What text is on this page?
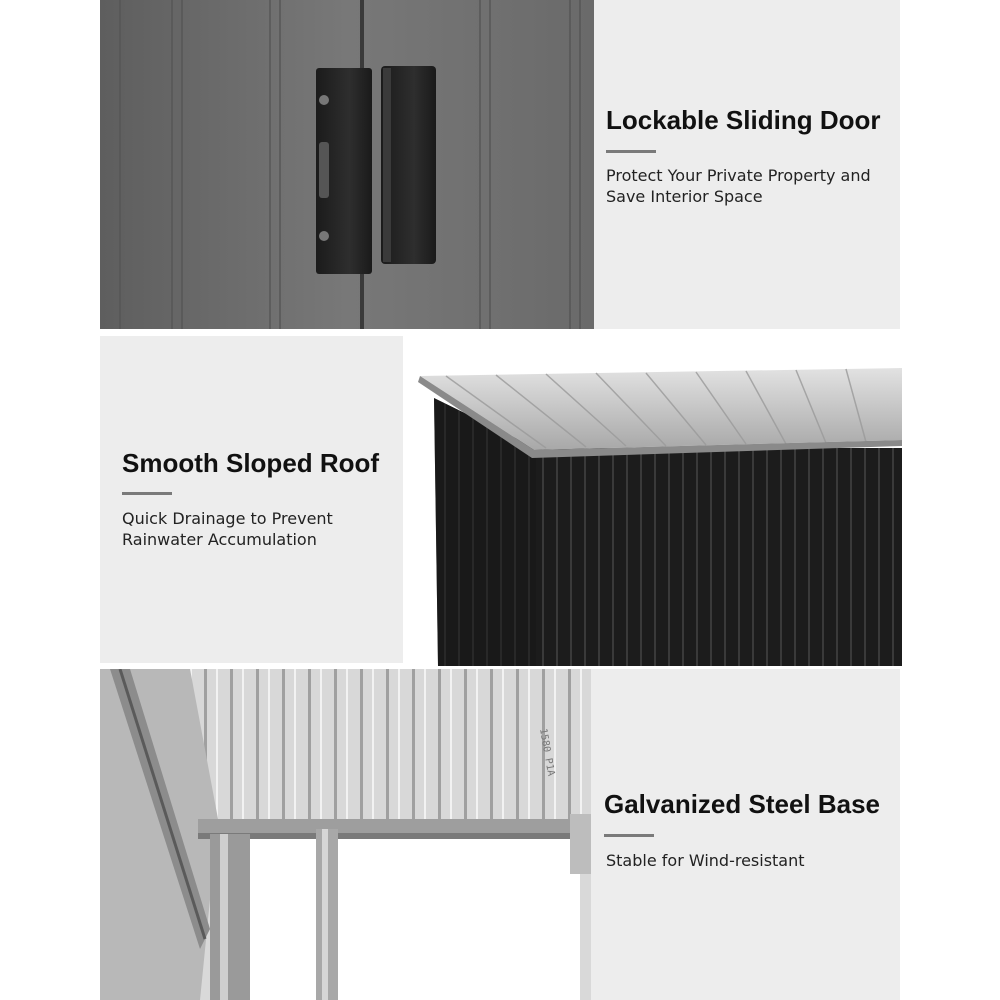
Lockable Sliding Door
Protect Your Private Property and
Save Interior Space
Smooth Sloped Roof
Quick Drainage to Prevent
Rainwater Accumulation
1580 P1A
Galvanized Steel Base
Stable for Wind-resistant
